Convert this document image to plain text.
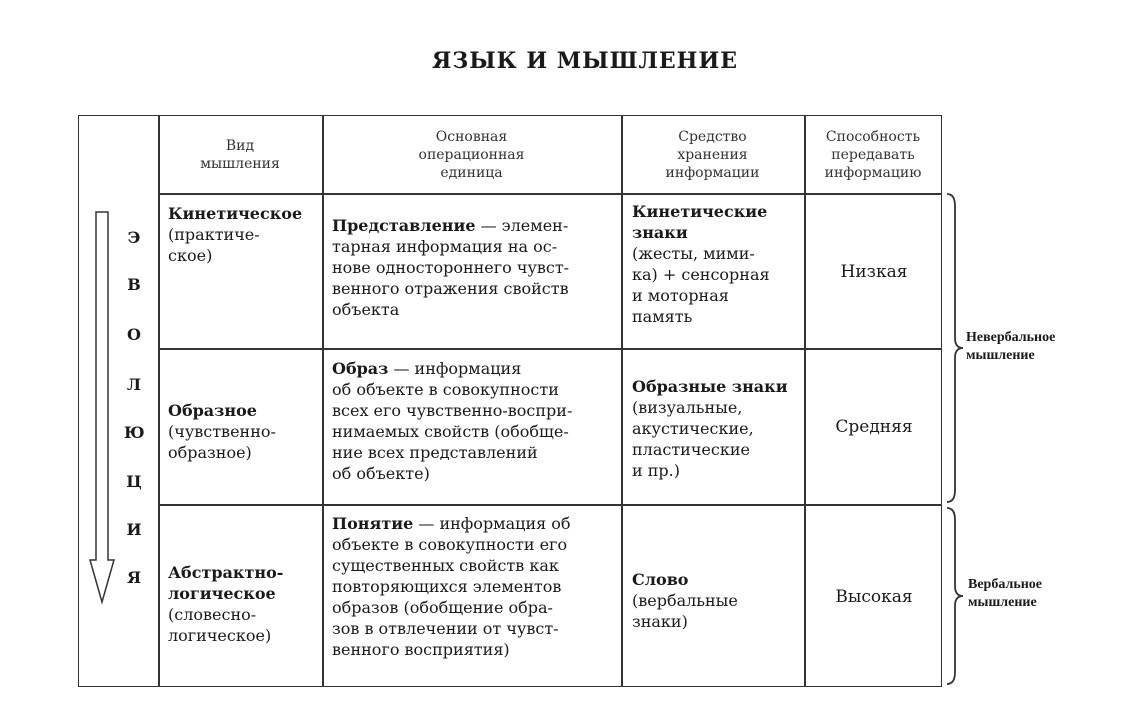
ЯЗЫК И МЫШЛЕНИЕ
Вид
мышления
Основная
операционная
единица
Средство
хранения
информации
Способность
передавать
информацию
Э
В
О
Л
Ю
Ц
И
Я
Кинетическое
(практиче-
ское)
Представление — элемен-
тарная информация на ос-
нове одностороннего чувст-
венного отражения свойств
объекта
Кинетические
знаки
(жесты, мими-
ка) + сенсорная
и моторная
память
Низкая
Образное
(чувственно-
образное)
Образ — информация
об объекте в совокупности
всех его чувственно-воспри-
нимаемых свойств (обобще-
ние всех представлений
об объекте)
Образные знаки
(визуальные,
акустические,
пластические
и пр.)
Средняя
Абстрактно-
логическое
(словесно-
логическое)
Понятие — информация об
объекте в совокупности его
существенных свойств как
повторяющихся элементов
образов (обобщение обра-
зов в отвлечении от чувст-
венного восприятия)
Слово
(вербальные
знаки)
Высокая
Невербальное
мышление
Вербальное
мышление
